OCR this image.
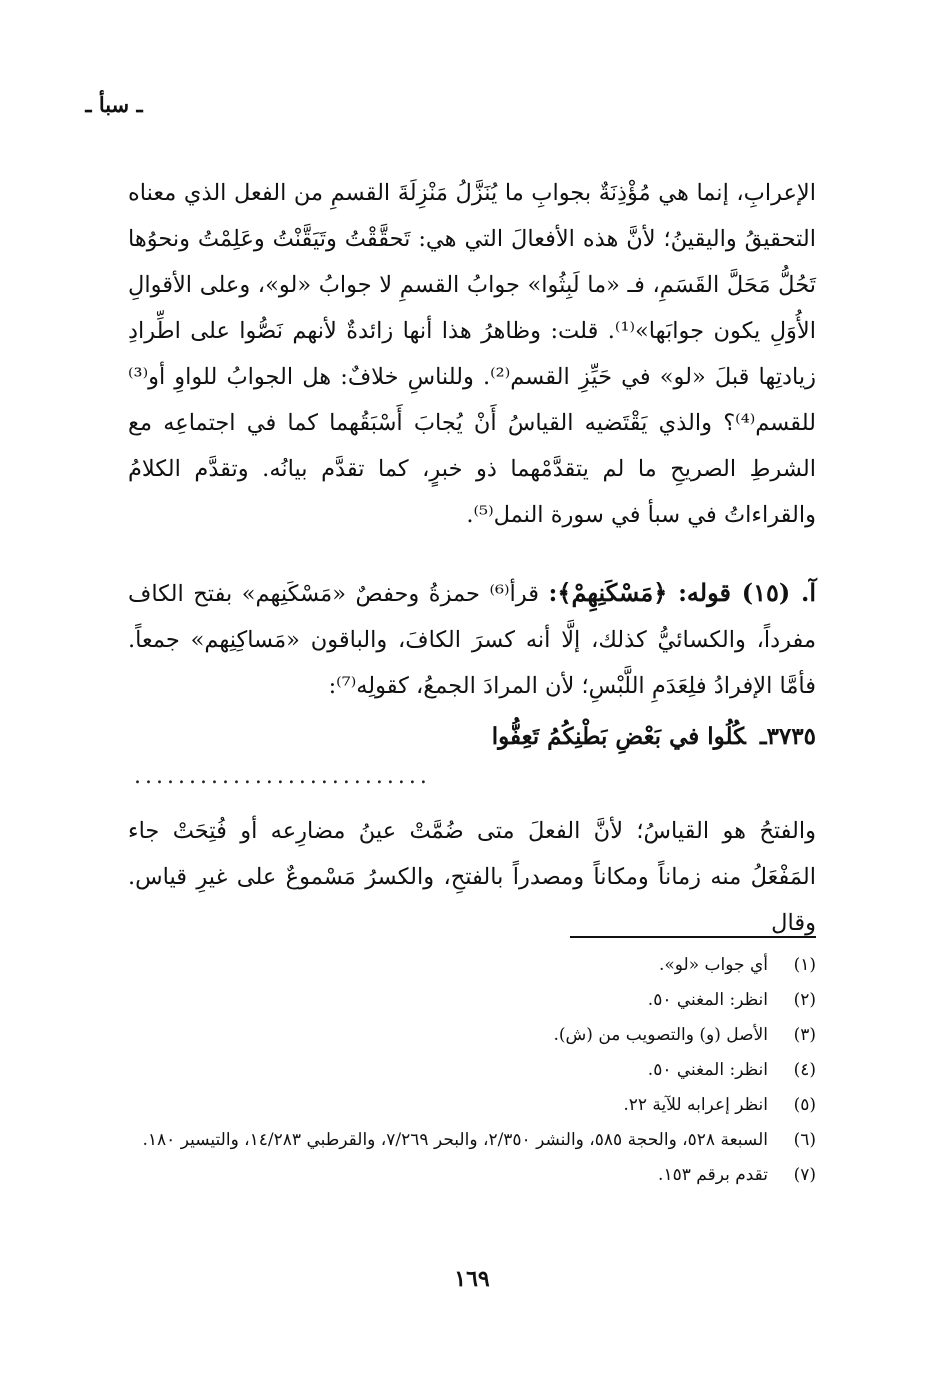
ـ سبأ ـ
الإعرابِ، إنما هي مُؤْذِنَةٌ بجوابِ ما يُنَزَّلُ مَنْزِلَةَ القسمِ من الفعل الذي معناه التحقيقُ واليقينُ؛ لأنَّ هذه الأفعالَ التي هي: تَحقَّقْتُ وتَيَقَّنْتُ وعَلِمْتُ ونحوُها تَحُلُّ مَحَلَّ القَسَمِ، فـ «ما لَبِثُوا» جوابُ القسمِ لا جوابُ «لو»، وعلى الأقوالِ الأُوَلِ يكون جوابَها»⁽¹⁾. قلت: وظاهرُ هذا أنها زائدةٌ لأنهم نَصُّوا على اطِّرادِ زيادتِها قبلَ «لو» في حَيِّزِ القسم⁽²⁾. وللناسِ خلافٌ: هل الجوابُ للواوِ أو⁽³⁾ للقسم⁽⁴⁾؟ والذي يَقْتَضيه القياسُ أَنْ يُجابَ أَسْبَقُهما كما في اجتماعِه مع الشرطِ الصريحِ ما لم يتقدَّمْهما ذو خبرٍ، كما تقدَّم بيانُه. وتقدَّم الكلامُ والقراءاتُ في سبأ في سورة النمل⁽⁵⁾.
آ. (١٥) قوله: ﴿مَسْكَنِهِمْ﴾: قرأ⁽⁶⁾ حمزةُ وحفصٌ «مَسْكَنِهم» بفتح الكاف مفرداً، والكسائيُّ كذلك، إلَّا أنه كسرَ الكافَ، والباقون «مَساكِنِهم» جمعاً. فأمَّا الإفرادُ فلِعَدَمِ اللَّبْسِ؛ لأن المرادَ الجمعُ، كقولِه⁽⁷⁾:
٣٧٣٥ـكُلُوا في بَعْضِ بَطْنِكُمُ تَعِفُّوا
...........................
والفتحُ هو القياسُ؛ لأنَّ الفعلَ متى ضُمَّتْ عينُ مضارِعه أو فُتِحَتْ جاء المَفْعَلُ منه زماناً ومكاناً ومصدراً بالفتحِ، والكسرُ مَسْموعٌ على غيرِ قياس. وقال
(١)
أي جواب «لو».
(٢)
انظر: المغني ٥٠.
(٣)
الأصل (و) والتصويب من (ش).
(٤)
انظر: المغني ٥٠.
(٥)
انظر إعرابه للآية ٢٢.
(٦)
السبعة ٥٢٨، والحجة ٥٨٥، والنشر ٢/٣٥٠، والبحر ٧/٢٦٩، والقرطبي ١٤/٢٨٣، والتيسير ١٨٠.
(٧)
تقدم برقم ١٥٣.
١٦٩
